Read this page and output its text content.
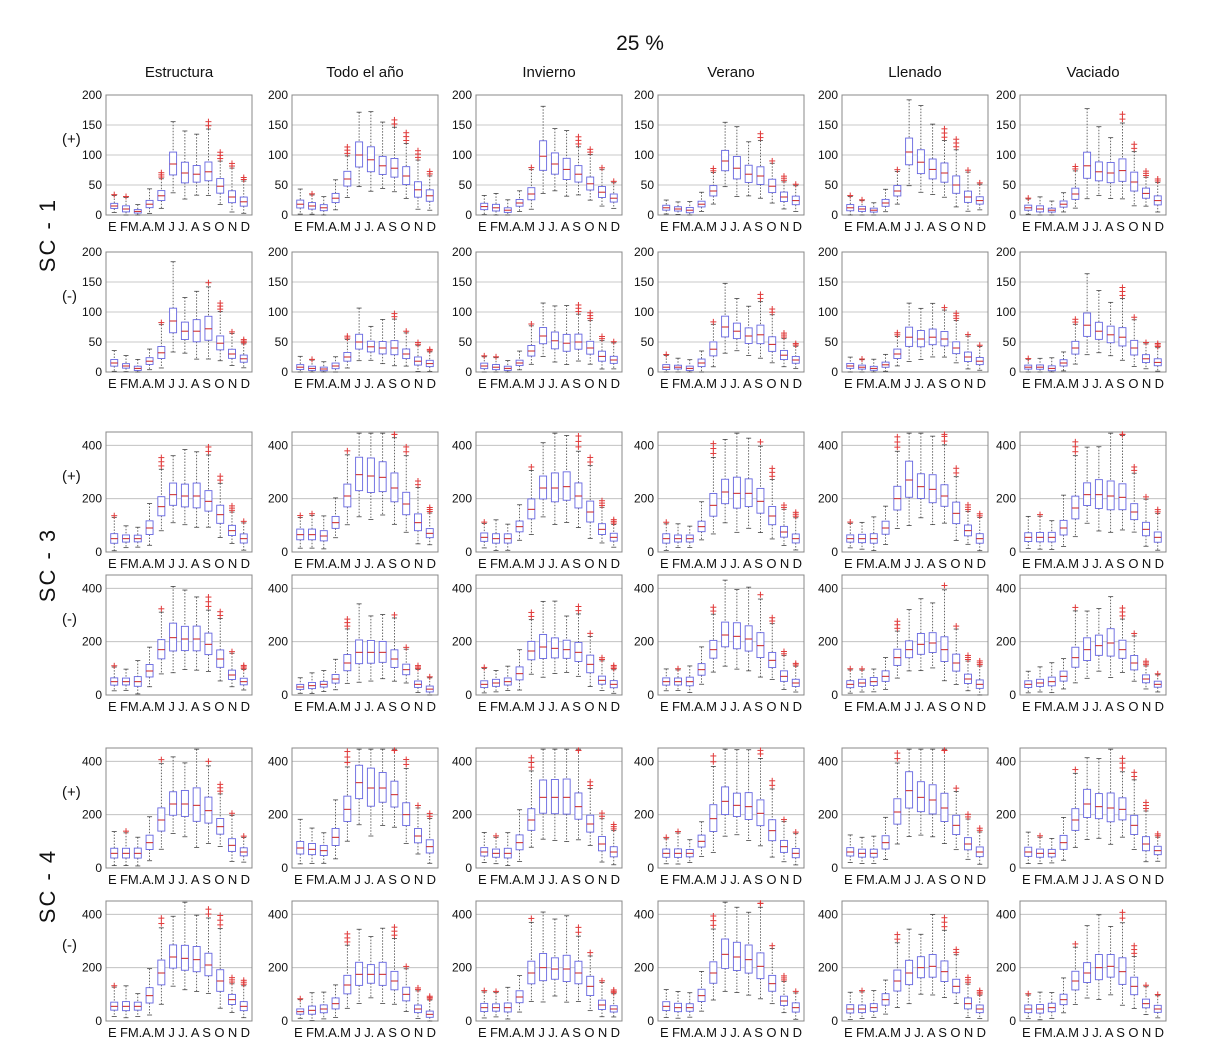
25 %
Estructura	Todo el año	Invierno	Verano	Llenado	Vaciado
SC - 1
(+)
(-)
SC - 3
(+)
(-)
SC - 4
(+)
(-)
0
50
100
150
200
E FM.A.M J J. A S O N D
0
50
100
150
200
E FM.A.M J J. A S O N D
0
50
100
150
200
E FM.A.M J J. A S O N D
0
50
100
150
200
E FM.A.M J J. A S O N D
0
50
100
150
200
E FM.A.M J J. A S O N D
0
50
100
150
200
E FM.A.M J J. A S O N D
0
50
100
150
200
E FM.A.M J J. A S O N D
0
50
100
150
200
E FM.A.M J J. A S O N D
0
50
100
150
200
E FM.A.M J J. A S O N D
0
50
100
150
200
E FM.A.M J J. A S O N D
0
50
100
150
200
E FM.A.M J J. A S O N D
0
50
100
150
200
E FM.A.M J J. A S O N D
0
200
400
E FM.A.M J J. A S O N D
0
200
400
E FM.A.M J J. A S O N D
0
200
400
E FM.A.M J J. A S O N D
0
200
400
E FM.A.M J J. A S O N D
0
200
400
E FM.A.M J J. A S O N D
0
200
400
E FM.A.M J J. A S O N D
0
200
400
E FM.A.M J J. A S O N D
0
200
400
E FM.A.M J J. A S O N D
0
200
400
E FM.A.M J J. A S O N D
0
200
400
E FM.A.M J J. A S O N D
0
200
400
E FM.A.M J J. A S O N D
0
200
400
E FM.A.M J J. A S O N D
0
200
400
E FM.A.M J J. A S O N D
0
200
400
E FM.A.M J J. A S O N D
0
200
400
E FM.A.M J J. A S O N D
0
200
400
E FM.A.M J J. A S O N D
0
200
400
E FM.A.M J J. A S O N D
0
200
400
E FM.A.M J J. A S O N D
0
200
400
E FM.A.M J J. A S O N D
0
200
400
E FM.A.M J J. A S O N D
0
200
400
E FM.A.M J J. A S O N D
0
200
400
E FM.A.M J J. A S O N D
0
200
400
E FM.A.M J J. A S O N D
0
200
400
E FM.A.M J J. A S O N D
